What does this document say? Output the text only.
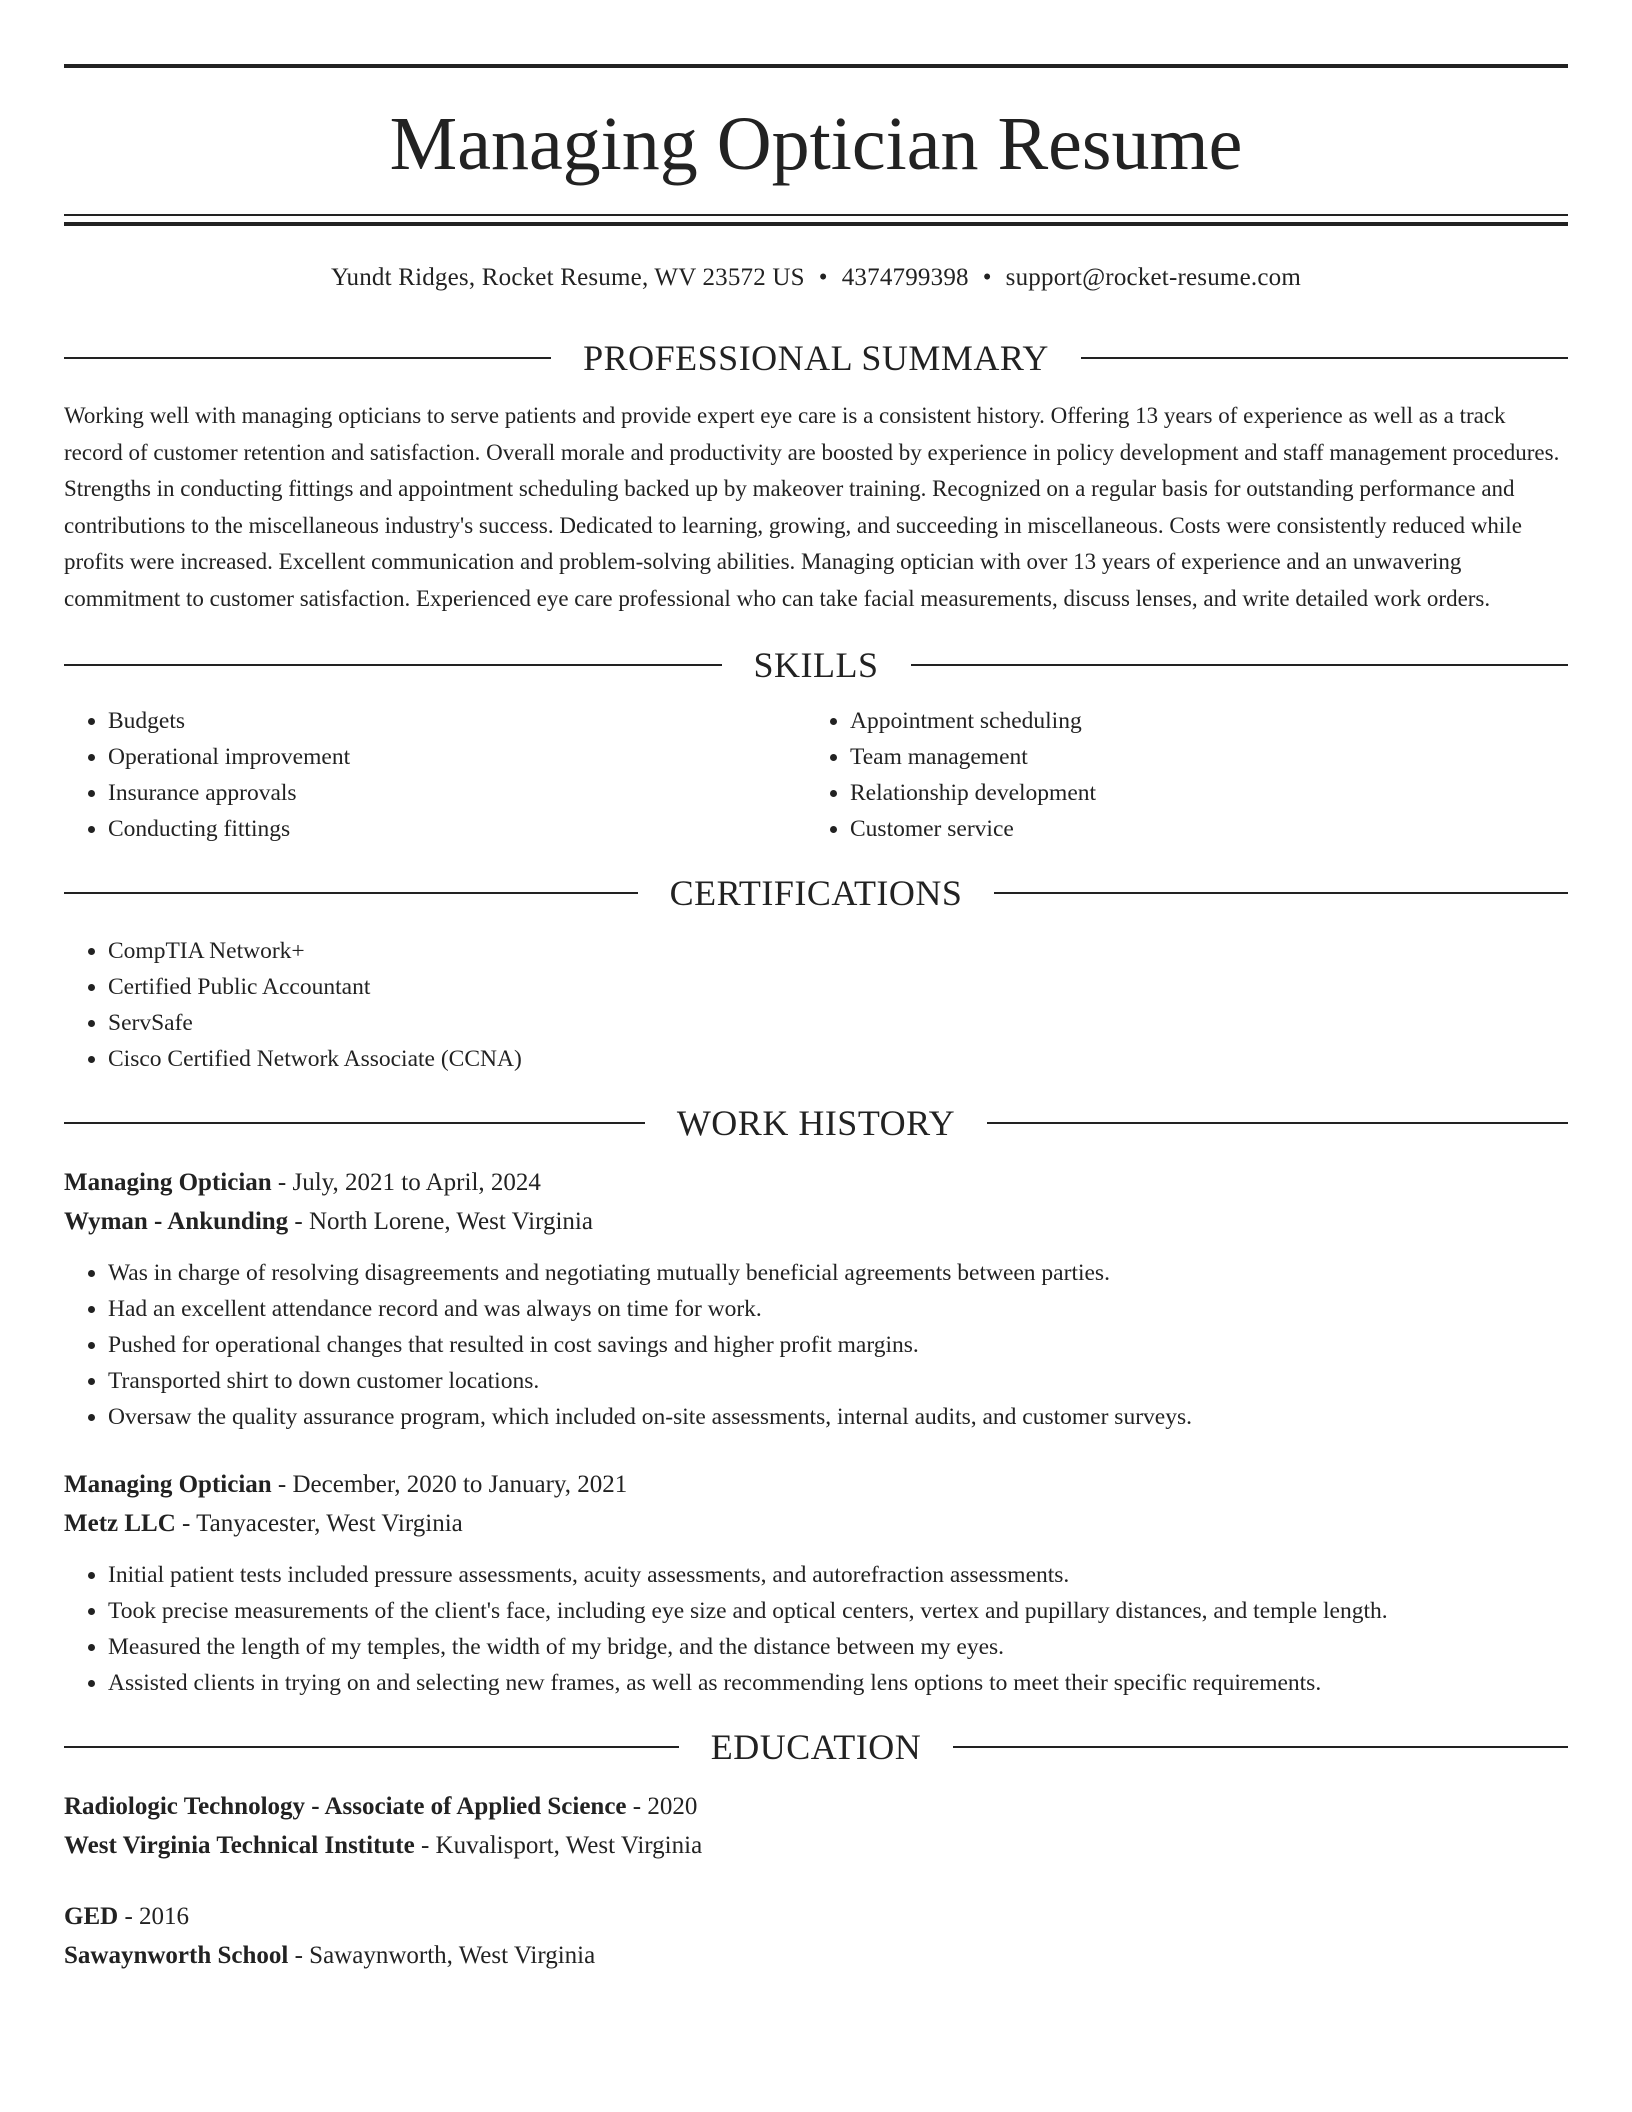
Managing Optician Resume
Yundt Ridges, Rocket Resume, WV 23572 US • 4374799398 • support@rocket-resume.com
PROFESSIONAL SUMMARY
Working well with managing opticians to serve patients and provide expert eye care is a consistent history. Offering 13 years of experience as well as a track record of customer retention and satisfaction. Overall morale and productivity are boosted by experience in policy development and staff management procedures. Strengths in conducting fittings and appointment scheduling backed up by makeover training. Recognized on a regular basis for outstanding performance and contributions to the miscellaneous industry's success. Dedicated to learning, growing, and succeeding in miscellaneous. Costs were consistently reduced while profits were increased. Excellent communication and problem-solving abilities. Managing optician with over 13 years of experience and an unwavering commitment to customer satisfaction. Experienced eye care professional who can take facial measurements, discuss lenses, and write detailed work orders.
SKILLS
• Budgets
• Operational improvement
• Insurance approvals
• Conducting fittings
• Appointment scheduling
• Team management
• Relationship development
• Customer service
CERTIFICATIONS
• CompTIA Network+
• Certified Public Accountant
• ServSafe
• Cisco Certified Network Associate (CCNA)
WORK HISTORY
Managing Optician - July, 2021 to April, 2024
Wyman - Ankunding - North Lorene, West Virginia
• Was in charge of resolving disagreements and negotiating mutually beneficial agreements between parties.
• Had an excellent attendance record and was always on time for work.
• Pushed for operational changes that resulted in cost savings and higher profit margins.
• Transported shirt to down customer locations.
• Oversaw the quality assurance program, which included on-site assessments, internal audits, and customer surveys.
Managing Optician - December, 2020 to January, 2021
Metz LLC - Tanyacester, West Virginia
• Initial patient tests included pressure assessments, acuity assessments, and autorefraction assessments.
• Took precise measurements of the client's face, including eye size and optical centers, vertex and pupillary distances, and temple length.
• Measured the length of my temples, the width of my bridge, and the distance between my eyes.
• Assisted clients in trying on and selecting new frames, as well as recommending lens options to meet their specific requirements.
EDUCATION
Radiologic Technology - Associate of Applied Science - 2020
West Virginia Technical Institute - Kuvalisport, West Virginia
GED - 2016
Sawaynworth School - Sawaynworth, West Virginia
